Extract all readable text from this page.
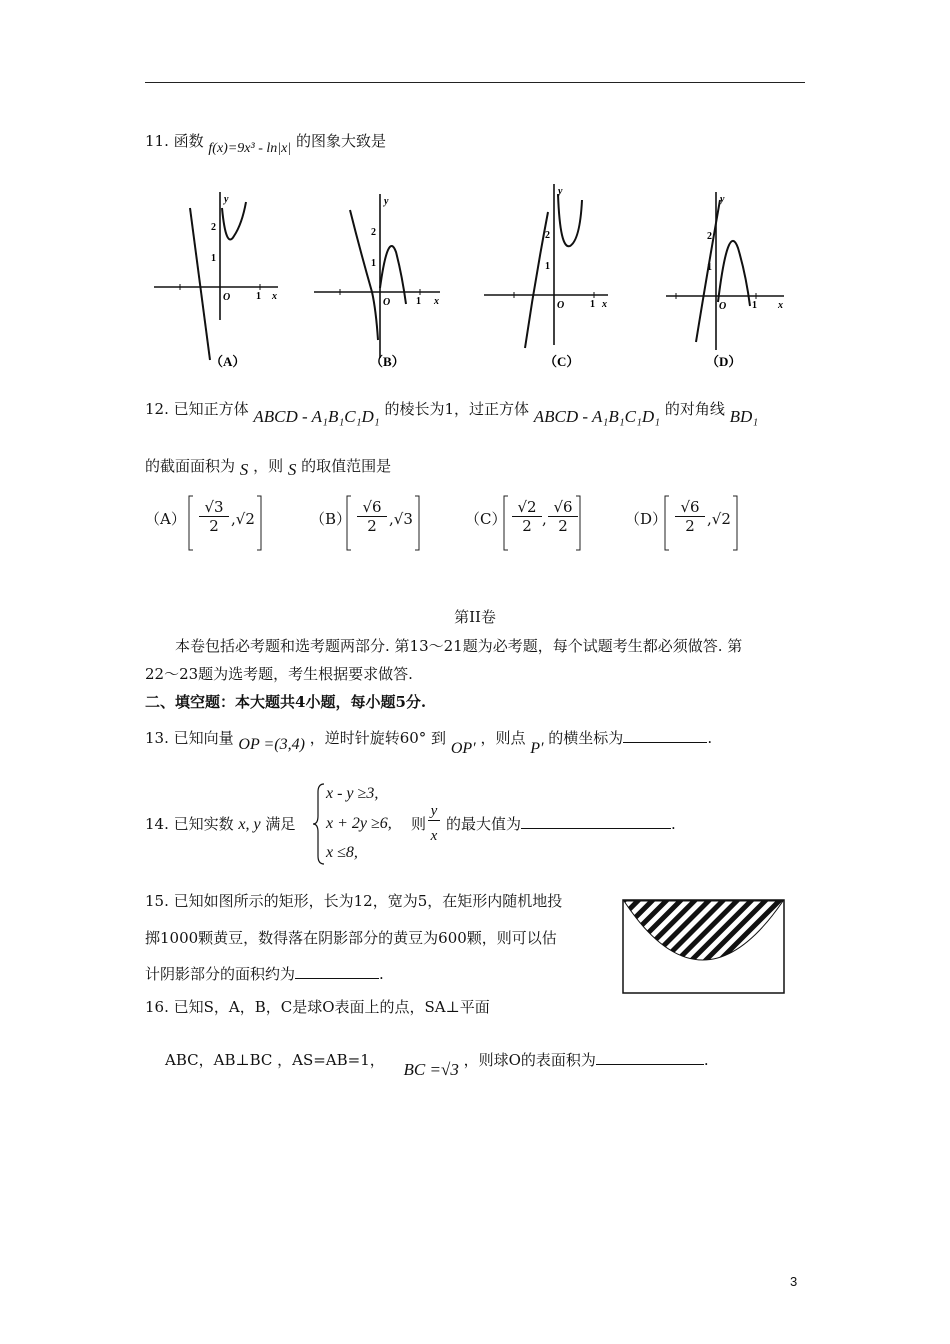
11. 函数 f(x)=9x³ - ln|x| 的图象大致是
y
x
O	1
2
1
（A）
y
x
O	1
2
1
（B）
y
x
O	1
2
1
（C）
y
x
O	1
2
1
（D）
12. 已知正方体 ABCD - A₁B₁C₁D₁ 的棱长为1，过正方体 ABCD - A₁B₁C₁D₁ 的对角线 BD₁
的截面面积为 S ，则 S 的取值范围是
$(A) \frac{√3}{2} ,√2$	$(B) \frac{√6}{2} ,√3$	$(C) \frac{√2}{2}$ ,
√6
2	$(D) \frac{√6}{2} ,√2$
第II卷
本卷包括必考题和选考题两部分. 第13～21题为必考题，每个试题考生都必须做答. 第
22～23题为选考题，考生根据要求做答.
二、填空题：本大题共4小题，每小题5分.
13. 已知向量 OP =(3,4) ，逆时针旋转60° 到 OP′ ，则点 P′ 的横坐标为	.
14. 已知实数 x, y 满足
x - y ≥3,
x + 2y ≥6,
x ≤8,
则
y
x
的最大值为	.
15. 已知如图所示的矩形，长为12，宽为5，在矩形内随机地投
掷1000颗黄豆，数得落在阴影部分的黄豆为600颗，则可以估
计阴影部分的面积约为	.
16. 已知S，A，B，C是球O表面上的点，SA⊥平面
ABC，AB⊥BC ，AS=AB=1， BC =√3 ，则球O的表面积为	.
3
